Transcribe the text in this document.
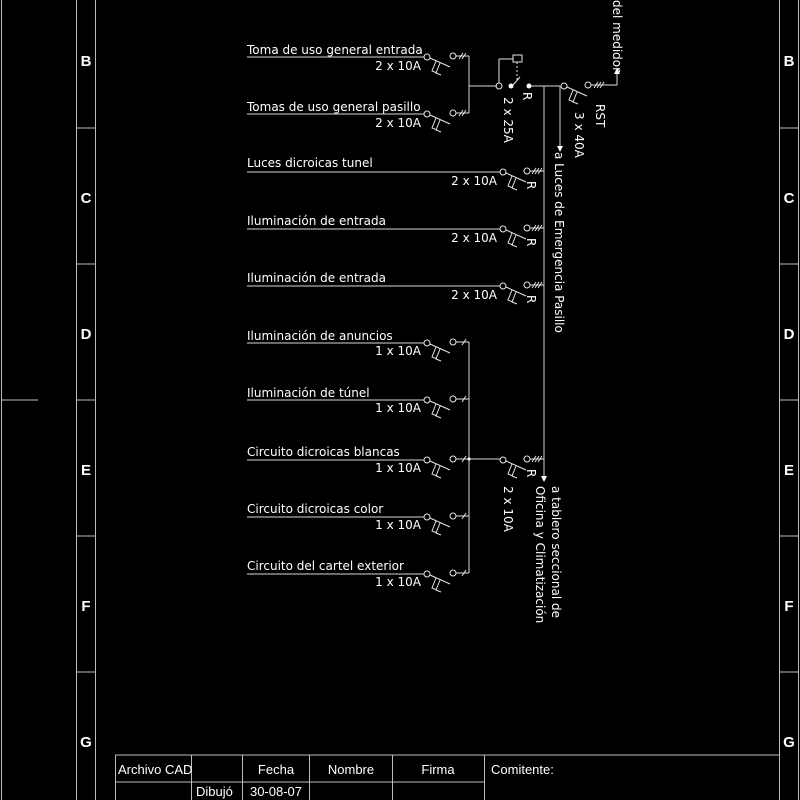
B
C
D
E
F
G
B
C
D
E
F
G
Toma de uso general entrada
2 x 10A
Tomas de uso general pasillo
2 x 10A
Luces dicroicas tunel
2 x 10A
Iluminación de entrada
2 x 10A
Iluminación de entrada
2 x 10A
Iluminación de anuncios
1 x 10A
Iluminación de túnel
1 x 10A
Circuito dicroicas blancas
1 x 10A
Circuito dicroicas color
1 x 10A
Circuito del cartel exterior
1 x 10A
R
R
R
R
del medidor
RST
3 x 40A
R
2 x 25A
a Luces de Emergencia Pasillo
2 x 10A	a tablero seccional de
Oficina y Climatización
Archivo CAD	Fecha	Nombre	Firma	Comitente:
Dibujó 30-08-07
